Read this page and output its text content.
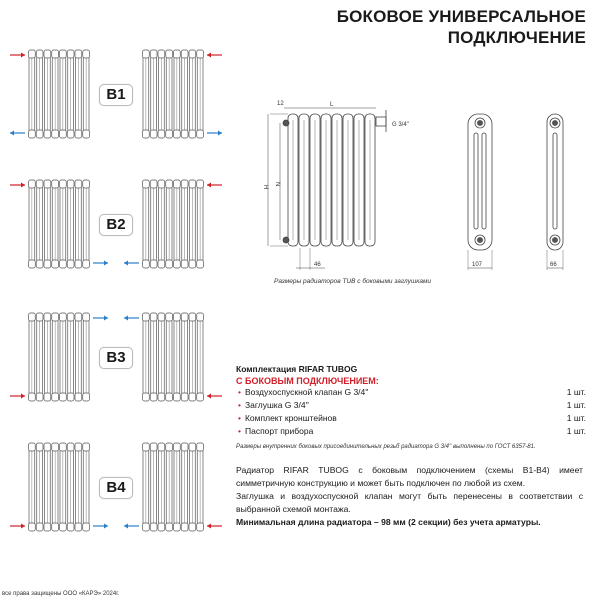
БОКОВОЕ УНИВЕРСАЛЬНОЕ
ПОДКЛЮЧЕНИЕ
B1
B2
B3
B4
12	L
G 3/4''
H
N
46	107	66
Размеры радиаторов TUB с боковыми заглушками
Комплектация RIFAR TUBOG
С БОКОВЫМ ПОДКЛЮЧЕНИЕМ:
• Воздухоспускной клапан G 3/4''	1 шт.
• Заглушка G 3/4''	1 шт.
• Комплект кронштейнов	1 шт.
• Паспорт прибора	1 шт.
Размеры внутренних боковых присоединительных резьб радиатора G 3/4'' выполнены по ГОСТ 6357-81.

Радиатор RIFAR TUBOG с боковым подключением (схемы B1-B4) имеет симметричную конструкцию и может быть подключен по любой из схем.

Заглушка и воздухоспускной клапан могут быть перенесены в соответствии с выбранной схемой монтажа.

Минимальная длина радиатора – 98 мм (2 секции) без учета арматуры.

все права защищены ООО «КАРЭ» 2024г.
